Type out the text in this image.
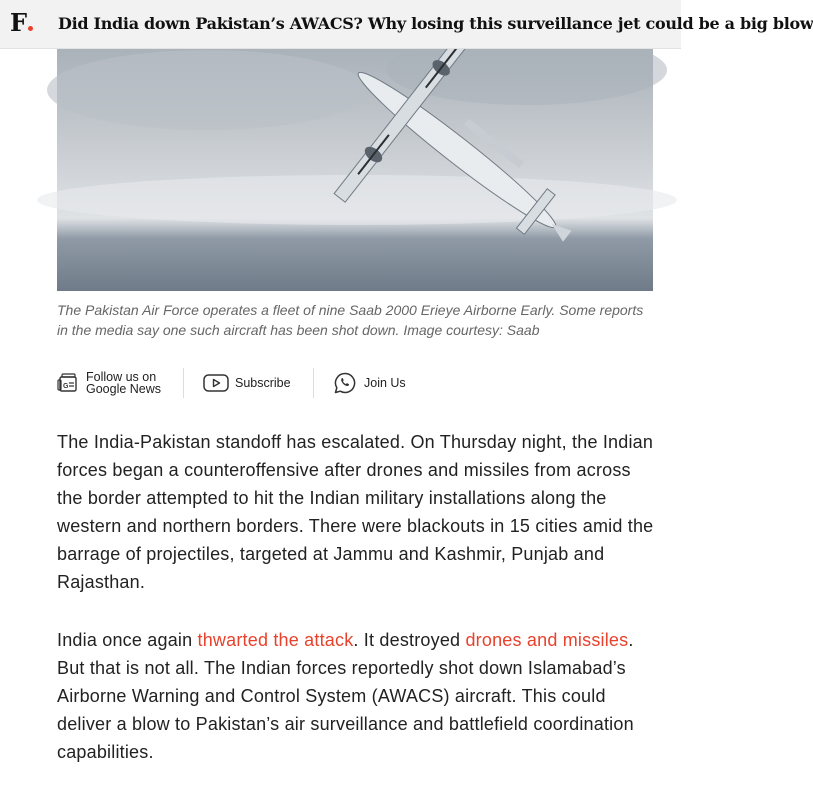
F	Did India down Pakistan’s AWACS? Why losing this surveillance jet could be a big blow
The Pakistan Air Force operates a fleet of nine Saab 2000 Erieye Airborne Early. Some reports in the media say one such aircraft has been shot down. Image courtesy: Saab
G
Follow us on
Google News	Subscribe	Join Us

The India-Pakistan standoff has escalated. On Thursday night, the Indian forces began a counteroffensive after drones and missiles from across the border attempted to hit the Indian military installations along the western and northern borders. There were blackouts in 15 cities amid the barrage of projectiles, targeted at Jammu and Kashmir, Punjab and Rajasthan.

India once again thwarted the attack. It destroyed drones and missiles. But that is not all. The Indian forces reportedly shot down Islamabad’s Airborne Warning and Control System (AWACS) aircraft. This could deliver a blow to Pakistan’s air surveillance and battlefield coordination capabilities.
